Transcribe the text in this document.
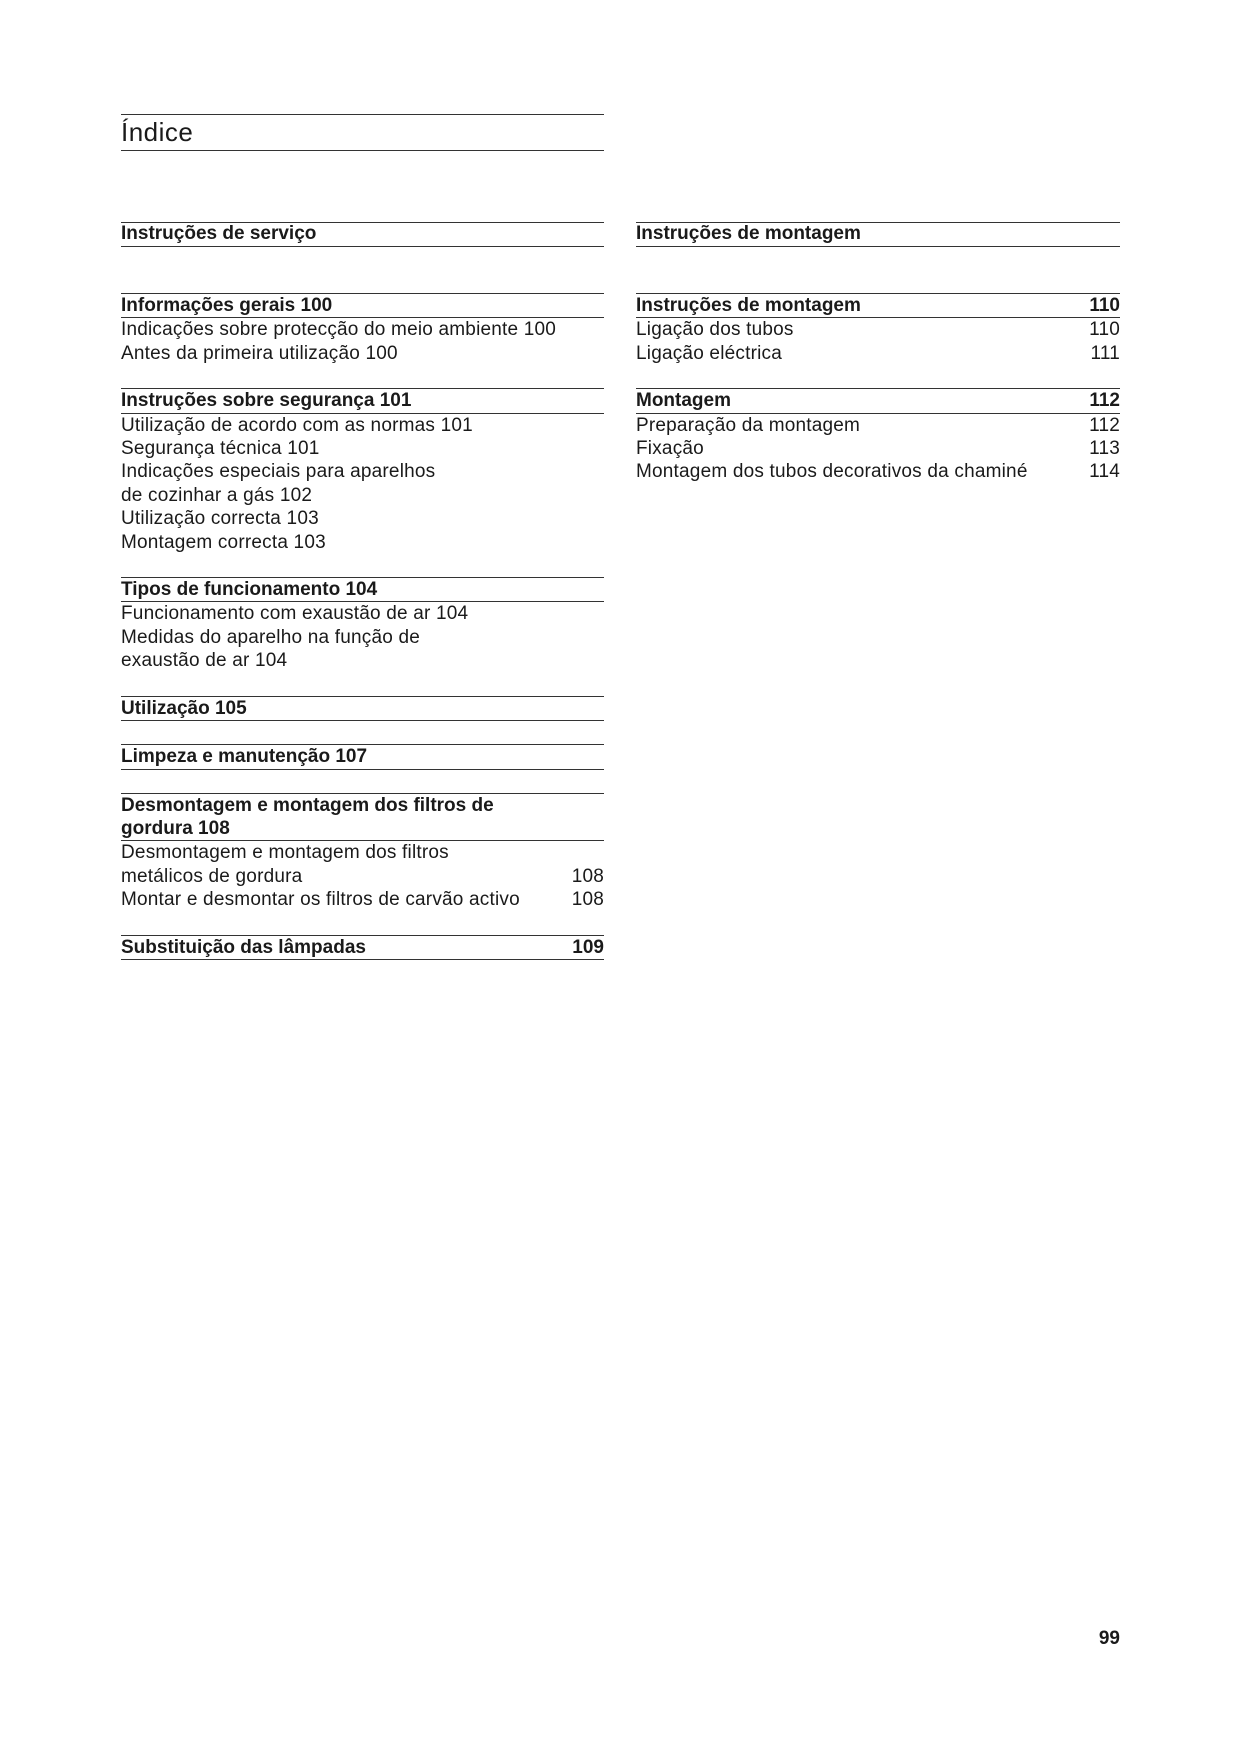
Índice
Instruções de serviço
Informações gerais 100
Indicações sobre protecção do meio ambiente 100
Antes da primeira utilização 100
Instruções sobre segurança 101
Utilização de acordo com as normas 101
Segurança técnica 101
Indicações especiais para aparelhos
de cozinhar a gás 102
Utilização correcta 103
Montagem correcta 103
Tipos de funcionamento 104
Funcionamento com exaustão de ar 104
Medidas do aparelho na função de
exaustão de ar 104
Utilização 105
Limpeza e manutenção 107
Desmontagem e montagem dos filtros de
gordura 108
Desmontagem e montagem dos filtros
metálicos de gordura	108
Montar e desmontar os filtros de carvão activo	108
Substituição das lâmpadas	109
Instruções de montagem
Instruções de montagem	110
Ligação dos tubos	110
Ligação eléctrica	111
Montagem	112
Preparação da montagem	112
Fixação	113
Montagem dos tubos decorativos da chaminé	114
99
